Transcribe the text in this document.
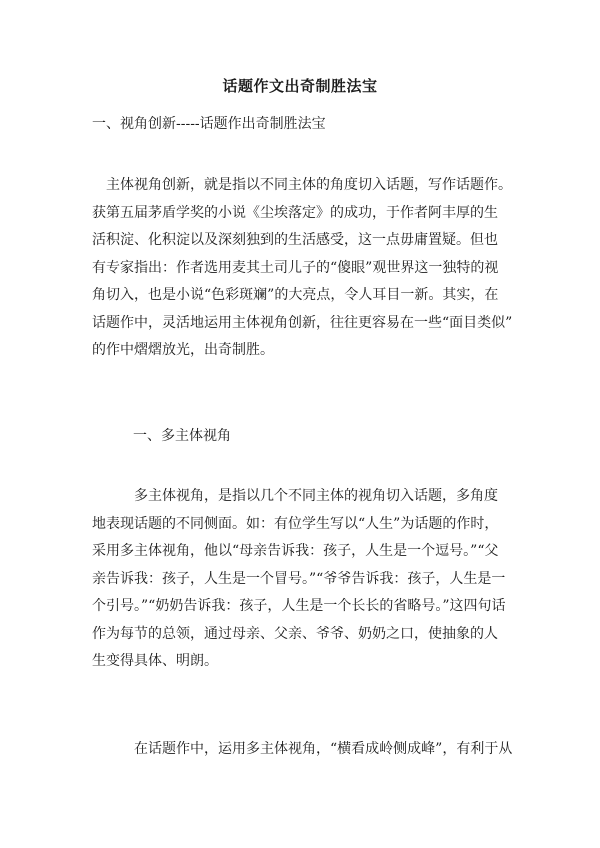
话题作文出奇制胜法宝
一、视角创新-----话题作出奇制胜法宝
　主体视角创新，就是指以不同主体的角度切入话题，写作话题作。
获第五届茅盾学奖的小说《尘埃落定》的成功，于作者阿丰厚的生
活积淀、化积淀以及深刻独到的生活感受，这一点毋庸置疑。但也
有专家指出：作者选用麦其土司儿子的“傻眼”观世界这一独特的视
角切入，也是小说“色彩斑斓”的大亮点，令人耳目一新。其实，在
话题作中，灵活地运用主体视角创新，往往更容易在一些“面目类似”
的作中熠熠放光，出奇制胜。
一、多主体视角
　　　多主体视角，是指以几个不同主体的视角切入话题，多角度
地表现话题的不同侧面。如：有位学生写以“人生”为话题的作时，
采用多主体视角，他以“母亲告诉我：孩子，人生是一个逗号。”“父
亲告诉我：孩子，人生是一个冒号。”“爷爷告诉我：孩子，人生是一
个引号。”“奶奶告诉我：孩子，人生是一个长长的省略号。”这四句话
作为每节的总领，通过母亲、父亲、爷爷、奶奶之口，使抽象的人
生变得具体、明朗。
　　　在话题作中，运用多主体视角，“横看成岭侧成峰”，有利于从
